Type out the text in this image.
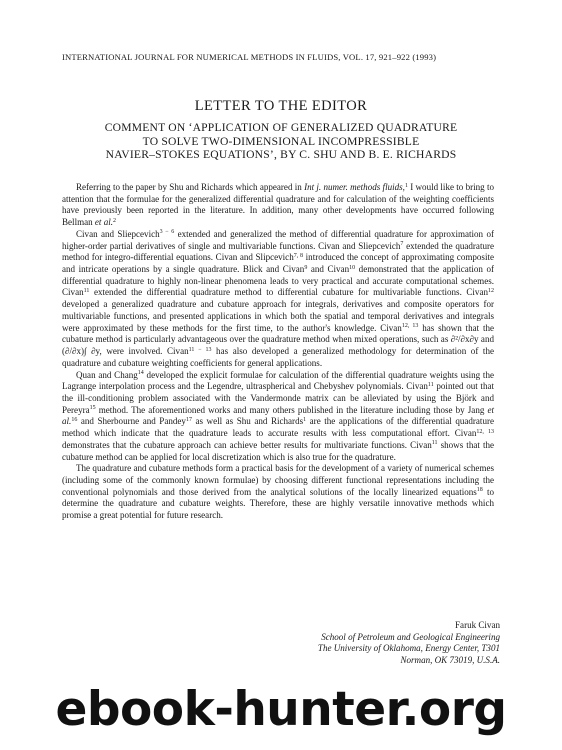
INTERNATIONAL JOURNAL FOR NUMERICAL METHODS IN FLUIDS, VOL. 17, 921–922 (1993)
LETTER TO THE EDITOR
COMMENT ON ‘APPLICATION OF GENERALIZED QUADRATURE
TO SOLVE TWO-DIMENSIONAL INCOMPRESSIBLE
NAVIER–STOKES EQUATIONS’, BY C. SHU AND B. E. RICHARDS

Referring to the paper by Shu and Richards which appeared in Int j. numer. methods fluids,$^1$ I would like to bring to attention that the formulae for the generalized differential quadrature and for calculation of the weighting coefficients have previously been reported in the literature. In addition, many other developments have occurred following Bellman et al.$^2$

Civan and Sliepcevich$^{3 - 6}$ extended and generalized the method of differential quadrature for approximation of higher-order partial derivatives of single and multivariable functions. Civan and Sliepcevich$^7$ extended the quadrature method for integro-differential equations. Civan and Slipcevich$^{7, 8}$ introduced the concept of approximating composite and intricate operations by a single quadrature. Blick and Civan$^9$ and Civan$^{10}$ demonstrated that the application of differential quadrature to highly non-linear phenomena leads to very practical and accurate computational schemes. Civan$^{11}$ extended the differential quadrature method to differential cubature for multivariable functions. Civan$^{12}$ developed a generalized quadrature and cubature approach for integrals, derivatives and composite operators for multivariable functions, and presented applications in which both the spatial and temporal derivatives and integrals were approximated by these methods for the first time, to the author's knowledge. Civan$^{12, 13}$ has shown that the cubature method is particularly advantageous over the quadrature method when mixed operations, such as ∂²/∂x∂y and (∂/∂x)∫ ∂y, were involved. Civan$^{11 - 13}$ has also developed a generalized methodology for determination of the quadrature and cubature weighting coefficients for general applications.

Quan and Chang$^{14}$ developed the explicit formulae for calculation of the differential quadrature weights using the Lagrange interpolation process and the Legendre, ultraspherical and Chebyshev polynomials. Civan$^{11}$ pointed out that the ill-conditioning problem associated with the Vandermonde matrix can be alleviated by using the Björk and Pereyra$^{15}$ method. The aforementioned works and many others published in the literature including those by Jang et al.$^{16}$ and Sherbourne and Pandey$^{17}$ as well as Shu and Richards$^1$ are the applications of the differential quadrature method which indicate that the quadrature leads to accurate results with less computational effort. Civan$^{12, 13}$ demonstrates that the cubature approach can achieve better results for multivariate functions. Civan$^{11}$ shows that the cubature method can be applied for local discretization which is also true for the quadrature.

The quadrature and cubature methods form a practical basis for the development of a variety of numerical schemes (including some of the commonly known formulae) by choosing different functional representations including the conventional polynomials and those derived from the analytical solutions of the locally linearized equations$^{18}$ to determine the quadrature and cubature weights. Therefore, these are highly versatile innovative methods which promise a great potential for future research.

Faruk Civan
School of Petroleum and Geological Engineering
The University of Oklahoma, Energy Center, T301
Norman, OK 73019, U.S.A.
ebook-hunter.org
